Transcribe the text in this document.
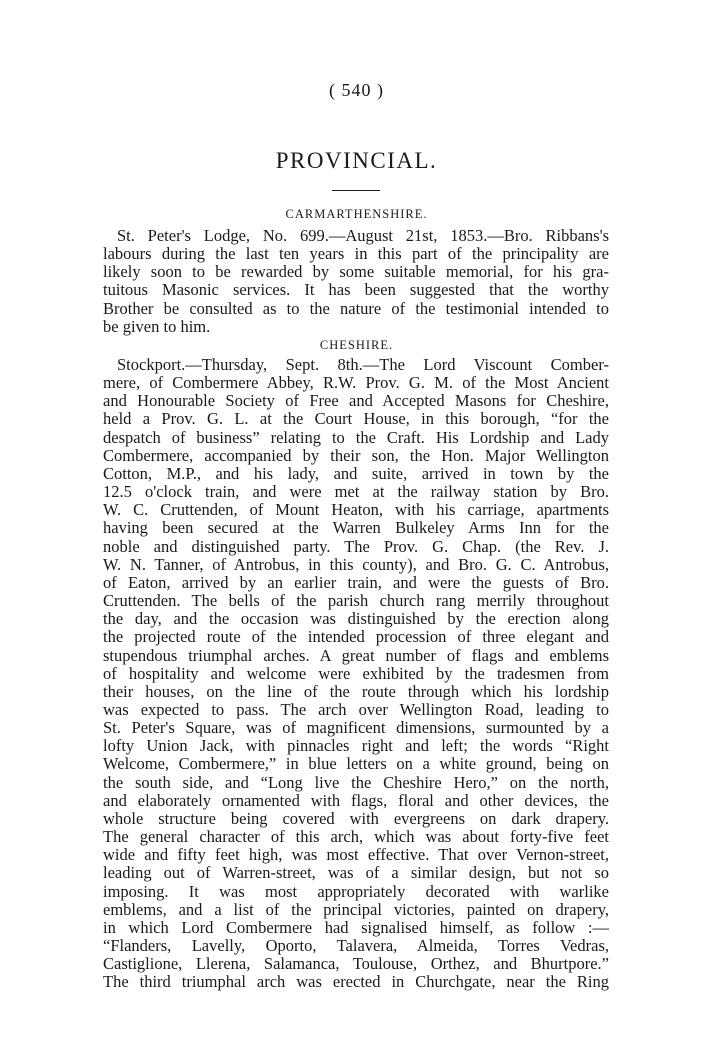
( 540 )
PROVINCIAL.
CARMARTHENSHIRE.
St. Peter's Lodge, No. 699.—August 21st, 1853.—Bro. Ribbans's
labours during the last ten years in this part of the principality are
likely soon to be rewarded by some suitable memorial, for his gra-
tuitous Masonic services. It has been suggested that the worthy
Brother be consulted as to the nature of the testimonial intended to
be given to him.
CHESHIRE.
Stockport.—Thursday, Sept. 8th.—The Lord Viscount Comber-
mere, of Combermere Abbey, R.W. Prov. G. M. of the Most Ancient
and Honourable Society of Free and Accepted Masons for Cheshire,
held a Prov. G. L. at the Court House, in this borough, “for the
despatch of business” relating to the Craft. His Lordship and Lady
Combermere, accompanied by their son, the Hon. Major Wellington
Cotton, M.P., and his lady, and suite, arrived in town by the
12.5 o'clock train, and were met at the railway station by Bro.
W. C. Cruttenden, of Mount Heaton, with his carriage, apartments
having been secured at the Warren Bulkeley Arms Inn for the
noble and distinguished party. The Prov. G. Chap. (the Rev. J.
W. N. Tanner, of Antrobus, in this county), and Bro. G. C. Antrobus,
of Eaton, arrived by an earlier train, and were the guests of Bro.
Cruttenden. The bells of the parish church rang merrily throughout
the day, and the occasion was distinguished by the erection along
the projected route of the intended procession of three elegant and
stupendous triumphal arches. A great number of flags and emblems
of hospitality and welcome were exhibited by the tradesmen from
their houses, on the line of the route through which his lordship
was expected to pass. The arch over Wellington Road, leading to
St. Peter's Square, was of magnificent dimensions, surmounted by a
lofty Union Jack, with pinnacles right and left; the words “Right
Welcome, Combermere,” in blue letters on a white ground, being on
the south side, and “Long live the Cheshire Hero,” on the north,
and elaborately ornamented with flags, floral and other devices, the
whole structure being covered with evergreens on dark drapery.
The general character of this arch, which was about forty-five feet
wide and fifty feet high, was most effective. That over Vernon-street,
leading out of Warren-street, was of a similar design, but not so
imposing. It was most appropriately decorated with warlike
emblems, and a list of the principal victories, painted on drapery,
in which Lord Combermere had signalised himself, as follow :—
“Flanders, Lavelly, Oporto, Talavera, Almeida, Torres Vedras,
Castiglione, Llerena, Salamanca, Toulouse, Orthez, and Bhurtpore.”
The third triumphal arch was erected in Churchgate, near the Ring
